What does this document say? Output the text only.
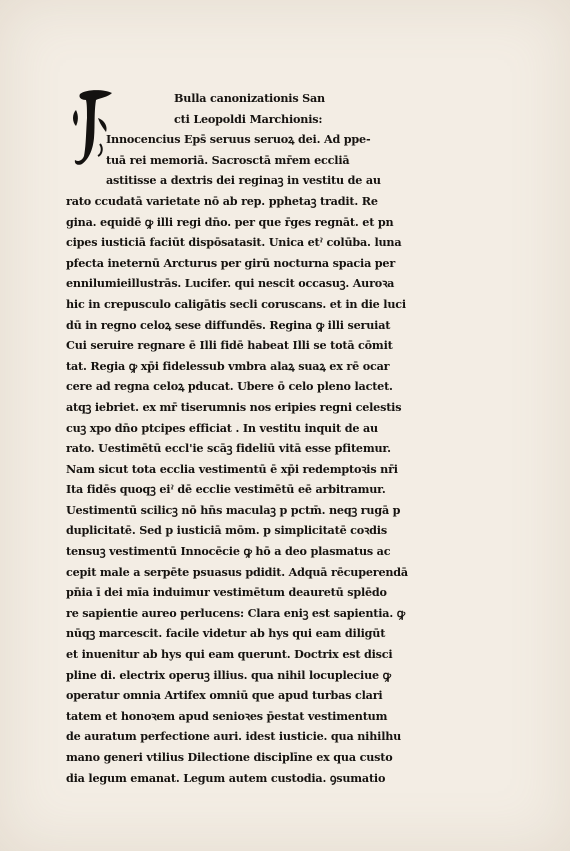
Bulla canonizationis San
cti Leopoldi Marchionis:
Innocencius Eps̄ seruus seruoꝝ dei. Ad ppe-
tuā rei memoriā. Sacrosctā mr̄em eccliā
astitisse a dextris dei reginaꝫ in vestitu de au
rato ccudatā varietate nō ab rep. pphetaꝫ tradit. Re
gina. equidē ꝙ illi regi dn̄o. per que r̄ges regnāt. et pn
cipes iusticiā faciūt dispōsatasit. Unica etˀ colūba. luna
pfecta ineternū Arcturus per girū nocturna spacia per
ennilumieillustrās. Lucifer. qui nescit occasuꝫ. Auroꝛa
hic in crepusculo caligātis secli coruscans. et in die luci
dū in regno celoꝝ sese diffundēs. Regina ꝙ illi seruiat
Cui seruire regnare ē Illi fidē habeat Illi se totā cōmit
tat. Regia ꝙ xp̄i fidelessub vmbra alaꝝ suaꝝ ex rē ocar
cere ad regna celoꝝ pducat. Ubere ō celo pleno lactet.
atqꝫ iebriet. ex mr̄ tiserumnis nos eripies regni celestis
cuꝫ xpo dn̄o ptcipes efficiat . In vestitu inquit de au
rato. Uestimētū eccl'ie scāꝫ fideliū vitā esse pfitemur.
Nam sicut tota ecclia vestimentū ē xp̄i redemptoꝛis nr̄i
Ita fidēs quoqꝫ eiˀ dē ecclie vestimētū eē arbitramur.
Uestimentū scilicꝫ nō hn̄s maculaꝫ p pctm̄. neqꝫ rugā p
duplicitatē. Sed p iusticiā mōm. p simplicitatē coꝛdis
tensuꝫ vestimentū Innocēcie ꝙ hō a deo plasmatus ac
cepit male a serpēte psuasus pdidit. Adquā rēcuperendā
pn̄ia ī dei mīa induimur vestimētum deauretū splēdo
re sapientie aureo perlucens: Clara eniꝫ est sapientia. ꝙ
nūqꝫ marcescit. facile videtur ab hys qui eam diligūt
et inuenitur ab hys qui eam querunt. Doctrix est disci
pline di. electrix operuꝫ illius. qua nihil locupleciue ꝙ
operatur omnia Artifex omniū que apud turbas clari
tatem et honoꝛem apud senioꝛes p̄estat vestimentum
de auratum perfectione auri. idest iusticie. qua nihilhu
mano generi vtilius Dilectione disciplīne ex qua custo
dia legum emanat. Legum autem custodia. ꝯsumatio
